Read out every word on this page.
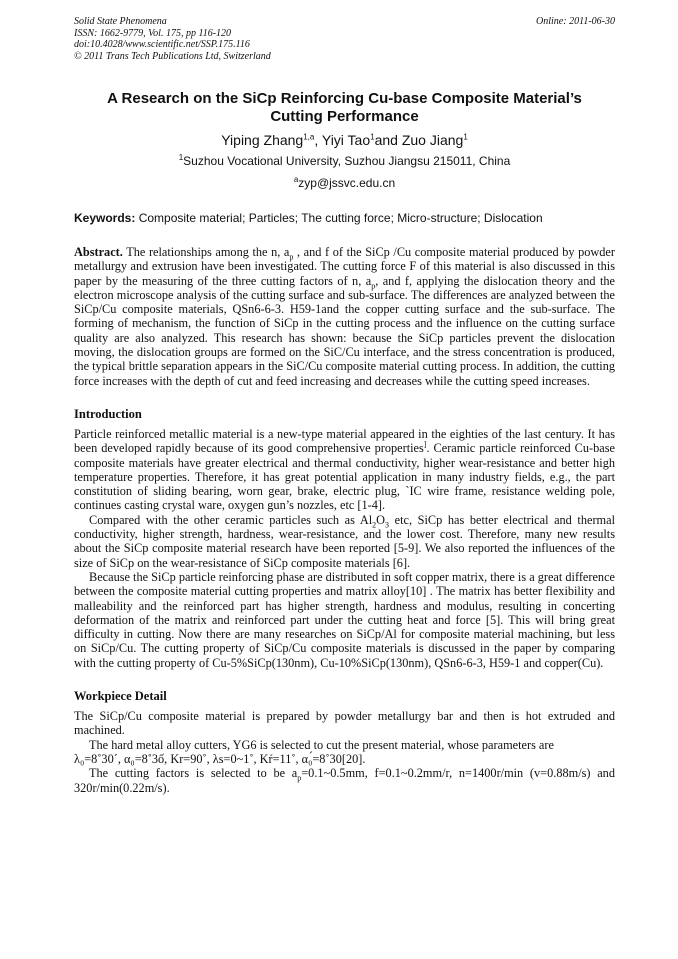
Solid State Phenomena
ISSN: 1662-9779, Vol. 175, pp 116-120
doi:10.4028/www.scientific.net/SSP.175.116
© 2011 Trans Tech Publications Ltd, Switzerland
Online: 2011-06-30
A Research on the SiCp Reinforcing Cu-base Composite Material’s
Cutting Performance
Yiping Zhang$^{1,a}$, Yiyi Tao$^1$and Zuo Jiang$^1$
$^1$Suzhou Vocational University, Suzhou Jiangsu 215011, China
$^a$zyp@jssvc.edu.cn
Keywords: Composite material; Particles; The cutting force; Micro-structure; Dislocation

Abstract. The relationships among the n, $a_p$ , and f of the SiCp /Cu composite material produced by powder metallurgy and extrusion have been investigated. The cutting force F of this material is also discussed in this paper by the measuring of the three cutting factors of n, $a_p$, and f, applying the dislocation theory and the electron microscope analysis of the cutting surface and sub-surface. The differences are analyzed between the SiCp/Cu composite materials, QSn6-6-3. H59-1and the copper cutting surface and the sub-surface. The forming of mechanism, the function of SiCp in the cutting process and the influence on the cutting surface quality are also analyzed. This research has shown: because the SiCp particles prevent the dislocation moving, the dislocation groups are formed on the SiC/Cu interface, and the stress concentration is produced, the typical brittle separation appears in the SiC/Cu composite material cutting process. In addition, the cutting force increases with the depth of cut and feed increasing and decreases while the cutting speed increases.

Introduction

Particle reinforced metallic material is a new-type material appeared in the eighties of the last century. It has been developed rapidly because of its good comprehensive properties]. Ceramic particle reinforced Cu-base composite materials have greater electrical and thermal conductivity, higher wear-resistance and better high temperature properties. Therefore, it has great potential application in many industry fields, e.g., the part constitution of sliding bearing, worn gear, brake, electric plug, `IC wire frame, resistance welding pole, continues casting crystal ware, oxygen gun’s nozzles, etc [1-4].

Compared with the other ceramic particles such as $Al_2O_3$ etc, SiCp has better electrical and thermal conductivity, higher strength, hardness, wear-resistance, and the lower cost. Therefore, many new results about the SiCp composite material research have been reported [5-9]. We also reported the influences of the size of SiCp on the wear-resistance of SiCp composite materials [6].

Because the SiCp particle reinforcing phase are distributed in soft copper matrix, there is a great difference between the composite material cutting properties and matrix alloy[10] . The matrix has better flexibility and malleability and the reinforced part has higher strength, hardness and modulus, resulting in concerting deformation of the matrix and reinforced part under the cutting heat and force [5]. This will bring great difficulty in cutting. Now there are many researches on SiCp/Al for composite material machining, but less on SiCp/Cu. The cutting property of SiCp/Cu composite materials is discussed in the paper by comparing with the cutting property of Cu-5%SiCp(130nm), Cu-10%SiCp(130nm), QSn6-6-3, H59-1 and copper(Cu).

Workpiece Detail

The SiCp/Cu composite material is prepared by powder metallurgy bar and then is hot extruded and machined.

The hard metal alloy cutters, YG6 is selected to cut the present material, whose parameters are
λ₀=8˚30´, α₀=8˚3ố, Kr=90˚, λs=0~1˚, Kŕ=11˚, α₀́=8˚30[20].

The cutting factors is selected to be $a_p=0.1\sim 0.5mm$, f=0.1~0.2mm/r, n=1400r/min (v=0.88m/s) and 320r/min(0.22m/s).
